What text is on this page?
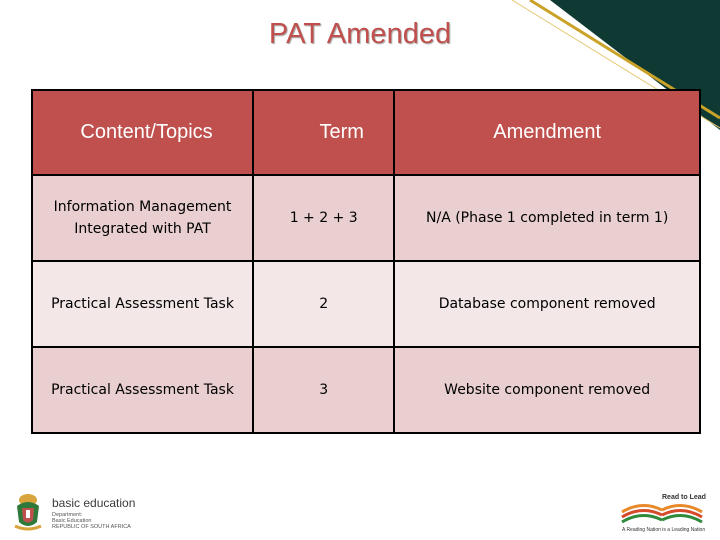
PAT Amended
Content/Topics	Term	Amendment

Information Management
Integrated with PAT	1 + 2 + 3	N/A (Phase 1 completed in term 1)

Practical Assessment Task	2	Database component removed

Practical Assessment Task	3	Website component removed
basic education
Department:
Basic Education
REPUBLIC OF SOUTH AFRICA
Read to Lead
A Reading Nation is a Leading Nation
